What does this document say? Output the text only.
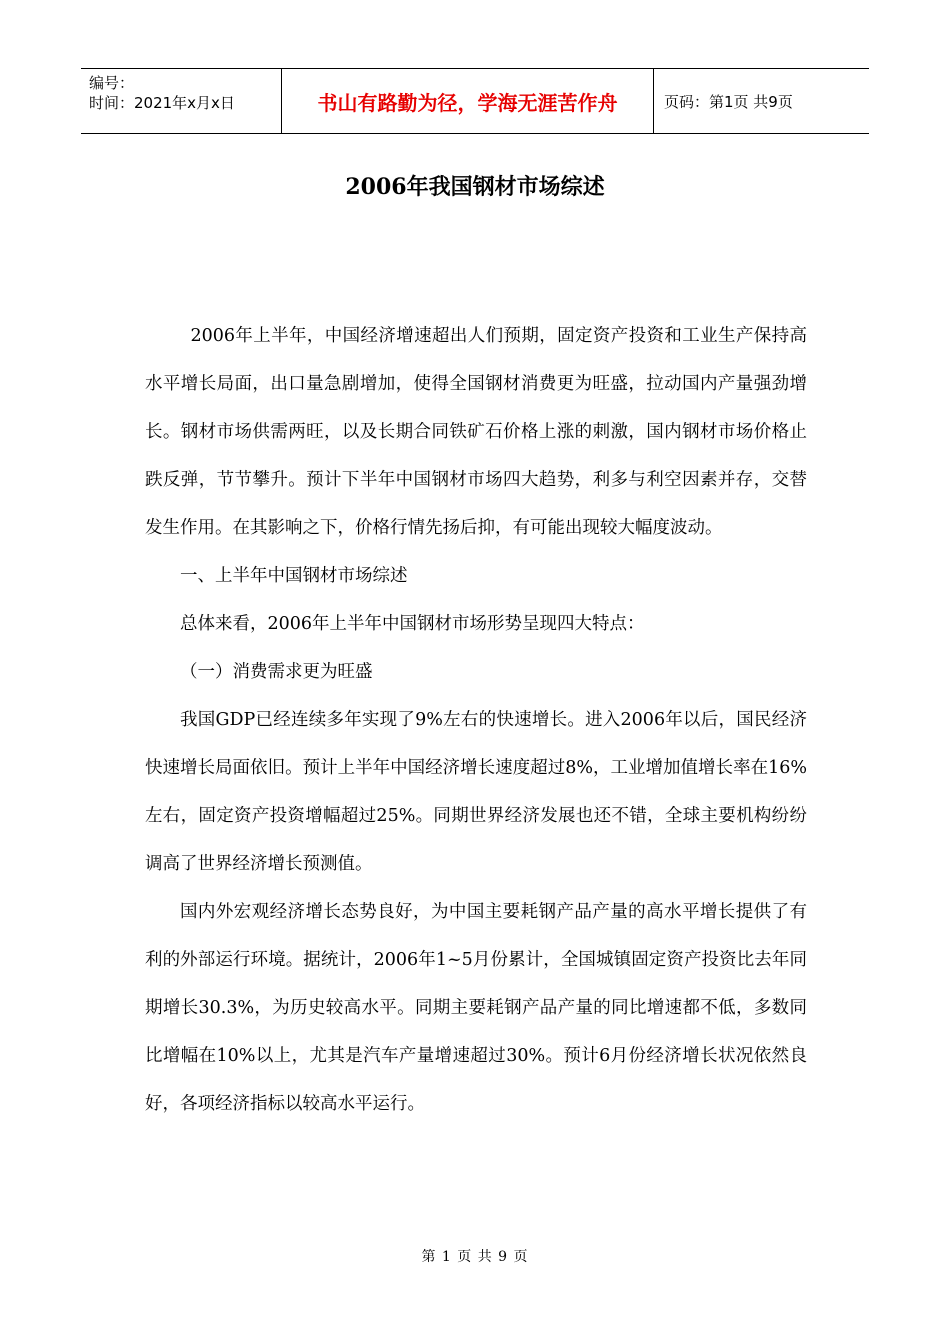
编号：
时间：2021年x月x日	书山有路勤为径，学海无涯苦作舟	页码：第1页 共9页
2006年我国钢材市场综述

2006年上半年，中国经济增速超出人们预期，固定资产投资和工业生产保持高水平增长局面，出口量急剧增加，使得全国钢材消费更为旺盛，拉动国内产量强劲增长。钢材市场供需两旺，以及长期合同铁矿石价格上涨的刺激，国内钢材市场价格止跌反弹，节节攀升。预计下半年中国钢材市场四大趋势，利多与利空因素并存，交替发生作用。在其影响之下，价格行情先扬后抑，有可能出现较大幅度波动。

一、上半年中国钢材市场综述

总体来看，2006年上半年中国钢材市场形势呈现四大特点：

（一）消费需求更为旺盛

我国GDP已经连续多年实现了9%左右的快速增长。进入2006年以后，国民经济快速增长局面依旧。预计上半年中国经济增长速度超过8%，工业增加值增长率在16%左右，固定资产投资增幅超过25%。同期世界经济发展也还不错，全球主要机构纷纷调高了世界经济增长预测值。

国内外宏观经济增长态势良好，为中国主要耗钢产品产量的高水平增长提供了有利的外部运行环境。据统计，2006年1~5月份累计，全国城镇固定资产投资比去年同期增长30.3%，为历史较高水平。同期主要耗钢产品产量的同比增速都不低，多数同比增幅在10%以上，尤其是汽车产量增速超过30%。预计6月份经济增长状况依然良好，各项经济指标以较高水平运行。

第 1 页 共 9 页
